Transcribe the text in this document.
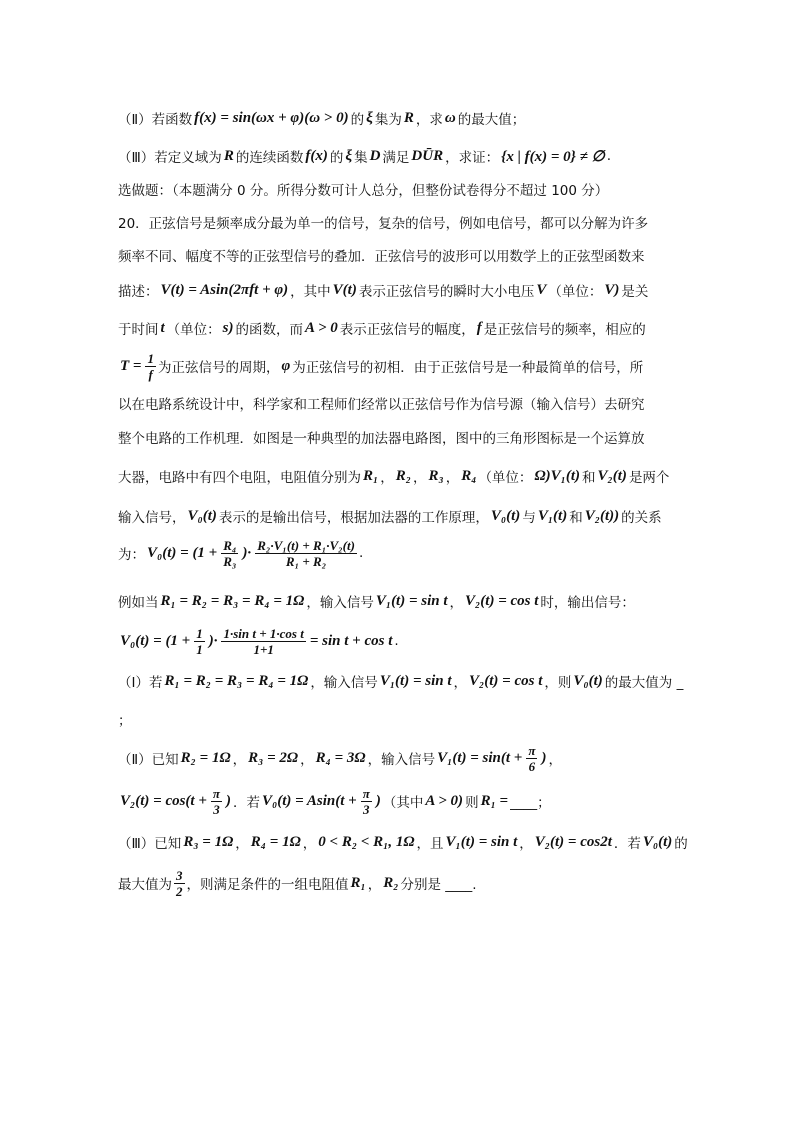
（Ⅱ）若函数 f(x) = sin(ωx + φ)(ω > 0) 的 ξ 集为 R ，求 ω 的最大值；
（Ⅲ）若定义域为 R 的连续函数 f(x) 的 ξ 集 D 满足 DŪR ，求证： {x | f(x) = 0} ≠ ∅ .
选做题：（本题满分 0 分。所得分数可计人总分，但整份试卷得分不超过 100 分）
20．正弦信号是频率成分最为单一的信号，复杂的信号，例如电信号，都可以分解为许多
频率不同、幅度不等的正弦型信号的叠加．正弦信号的波形可以用数学上的正弦型函数来
描述： V(t) = Asin(2πft + φ) ，其中 V(t) 表示正弦信号的瞬时大小电压 V （单位： V) 是关
于时间 t （单位： s) 的函数，而 A > 0 表示正弦信号的幅度， f 是正弦信号的频率，相应的
$T = \frac{1}{f}$ 为正弦信号的周期， φ 为正弦信号的初相．由于正弦信号是一种最简单的信号，所
以在电路系统设计中，科学家和工程师们经常以正弦信号作为信号源（输入信号）去研究
整个电路的工作机理．如图是一种典型的加法器电路图，图中的三角形图标是一个运算放
大器，电路中有四个电阻，电阻值分别为 R₁ ， R₂ ， R₃ ， R₄ （单位： Ω)V₁(t) 和 V₂(t) 是两个
输入信号， V₀(t) 表示的是输出信号，根据加法器的工作原理， V₀(t) 与 V₁(t) 和 V₂(t)) 的关系
为： $V_0(t) = (1 + \frac{\text{R₄}}{\text{R₃}}$ )· $\frac{\text{R₂·V₁(t) + R₁·V₂(t)}}{\text{R₁ + R₂}}$ .
例如当 R₁ = R₂ = R₃ = R₄ = 1Ω ，输入信号 V₁(t) = sin t ， V₂(t) = cos t 时，输出信号：
$V_0(t) = (1 + \frac{1}{1}$ )· $\frac{\text{1·sin t + 1·cos t}}{1+1} = \sin t + \cos t$ .
（Ⅰ）若 R₁ = R₂ = R₃ = R₄ = 1Ω ，输入信号 V₁(t) = sin t ， V₂(t) = cos t ，则 V₀(t) 的最大值为 _
；
（Ⅱ）已知 R₂ = 1Ω ， R₃ = 2Ω ， R₄ = 3Ω ，输入信号 $V_1(t) = \sin(t + \frac{\pi}{6}$ ) ，
$V_2(t) = \cos(t + \frac{\pi}{3}$ ) ．若 $V_0(t) = Asin(t + \frac{\pi}{3}$ ) （其中 A > 0) 则 R₁ = ____；
（Ⅲ）已知 R₃ = 1Ω ， R₄ = 1Ω ， 0 < R₂ < R₁, 1Ω ，且 V₁(t) = sin t ， V₂(t) = cos2t ．若 V₀(t) 的
最大值为 $\frac{3}{2}$ ，则满足条件的一组电阻值 R₁ ， R₂ 分别是 ____.
